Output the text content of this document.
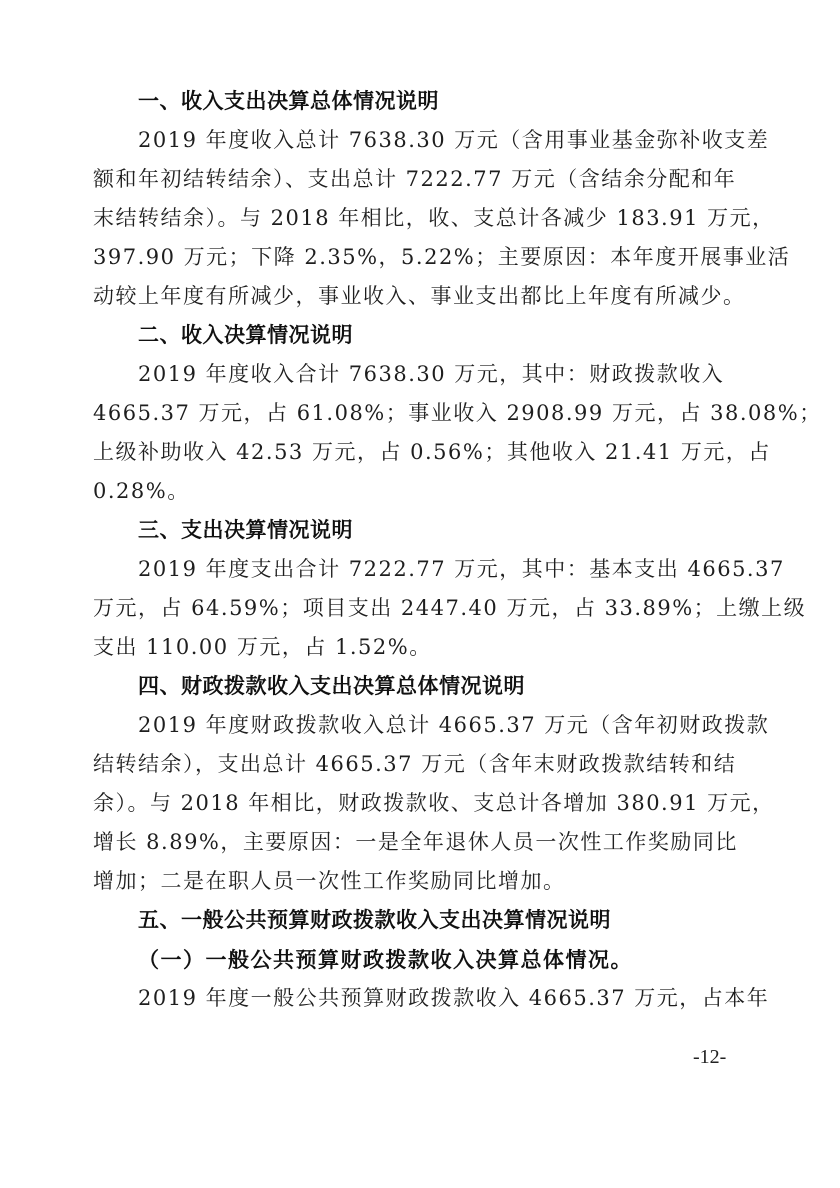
一、收入支出决算总体情况说明
2019 年度收入总计 7638.30 万元（含用事业基金弥补收支差
额和年初结转结余）、支出总计 7222.77 万元（含结余分配和年
末结转结余）。与 2018 年相比，收、支总计各减少 183.91 万元，
397.90 万元；下降 2.35%，5.22%；主要原因：本年度开展事业活
动较上年度有所减少，事业收入、事业支出都比上年度有所减少。
二、收入决算情况说明
2019 年度收入合计 7638.30 万元，其中：财政拨款收入
4665.37 万元，占 61.08%；事业收入 2908.99 万元，占 38.08%；
上级补助收入 42.53 万元，占 0.56%；其他收入 21.41 万元，占
0.28%。
三、支出决算情况说明
2019 年度支出合计 7222.77 万元，其中：基本支出 4665.37
万元，占 64.59%；项目支出 2447.40 万元，占 33.89%；上缴上级
支出 110.00 万元，占 1.52%。
四、财政拨款收入支出决算总体情况说明
2019 年度财政拨款收入总计 4665.37 万元（含年初财政拨款
结转结余），支出总计 4665.37 万元（含年末财政拨款结转和结
余）。与 2018 年相比，财政拨款收、支总计各增加 380.91 万元，
增长 8.89%，主要原因：一是全年退休人员一次性工作奖励同比
增加；二是在职人员一次性工作奖励同比增加。
五、一般公共预算财政拨款收入支出决算情况说明
（一）一般公共预算财政拨款收入决算总体情况。
2019 年度一般公共预算财政拨款收入 4665.37 万元，占本年
-12-
